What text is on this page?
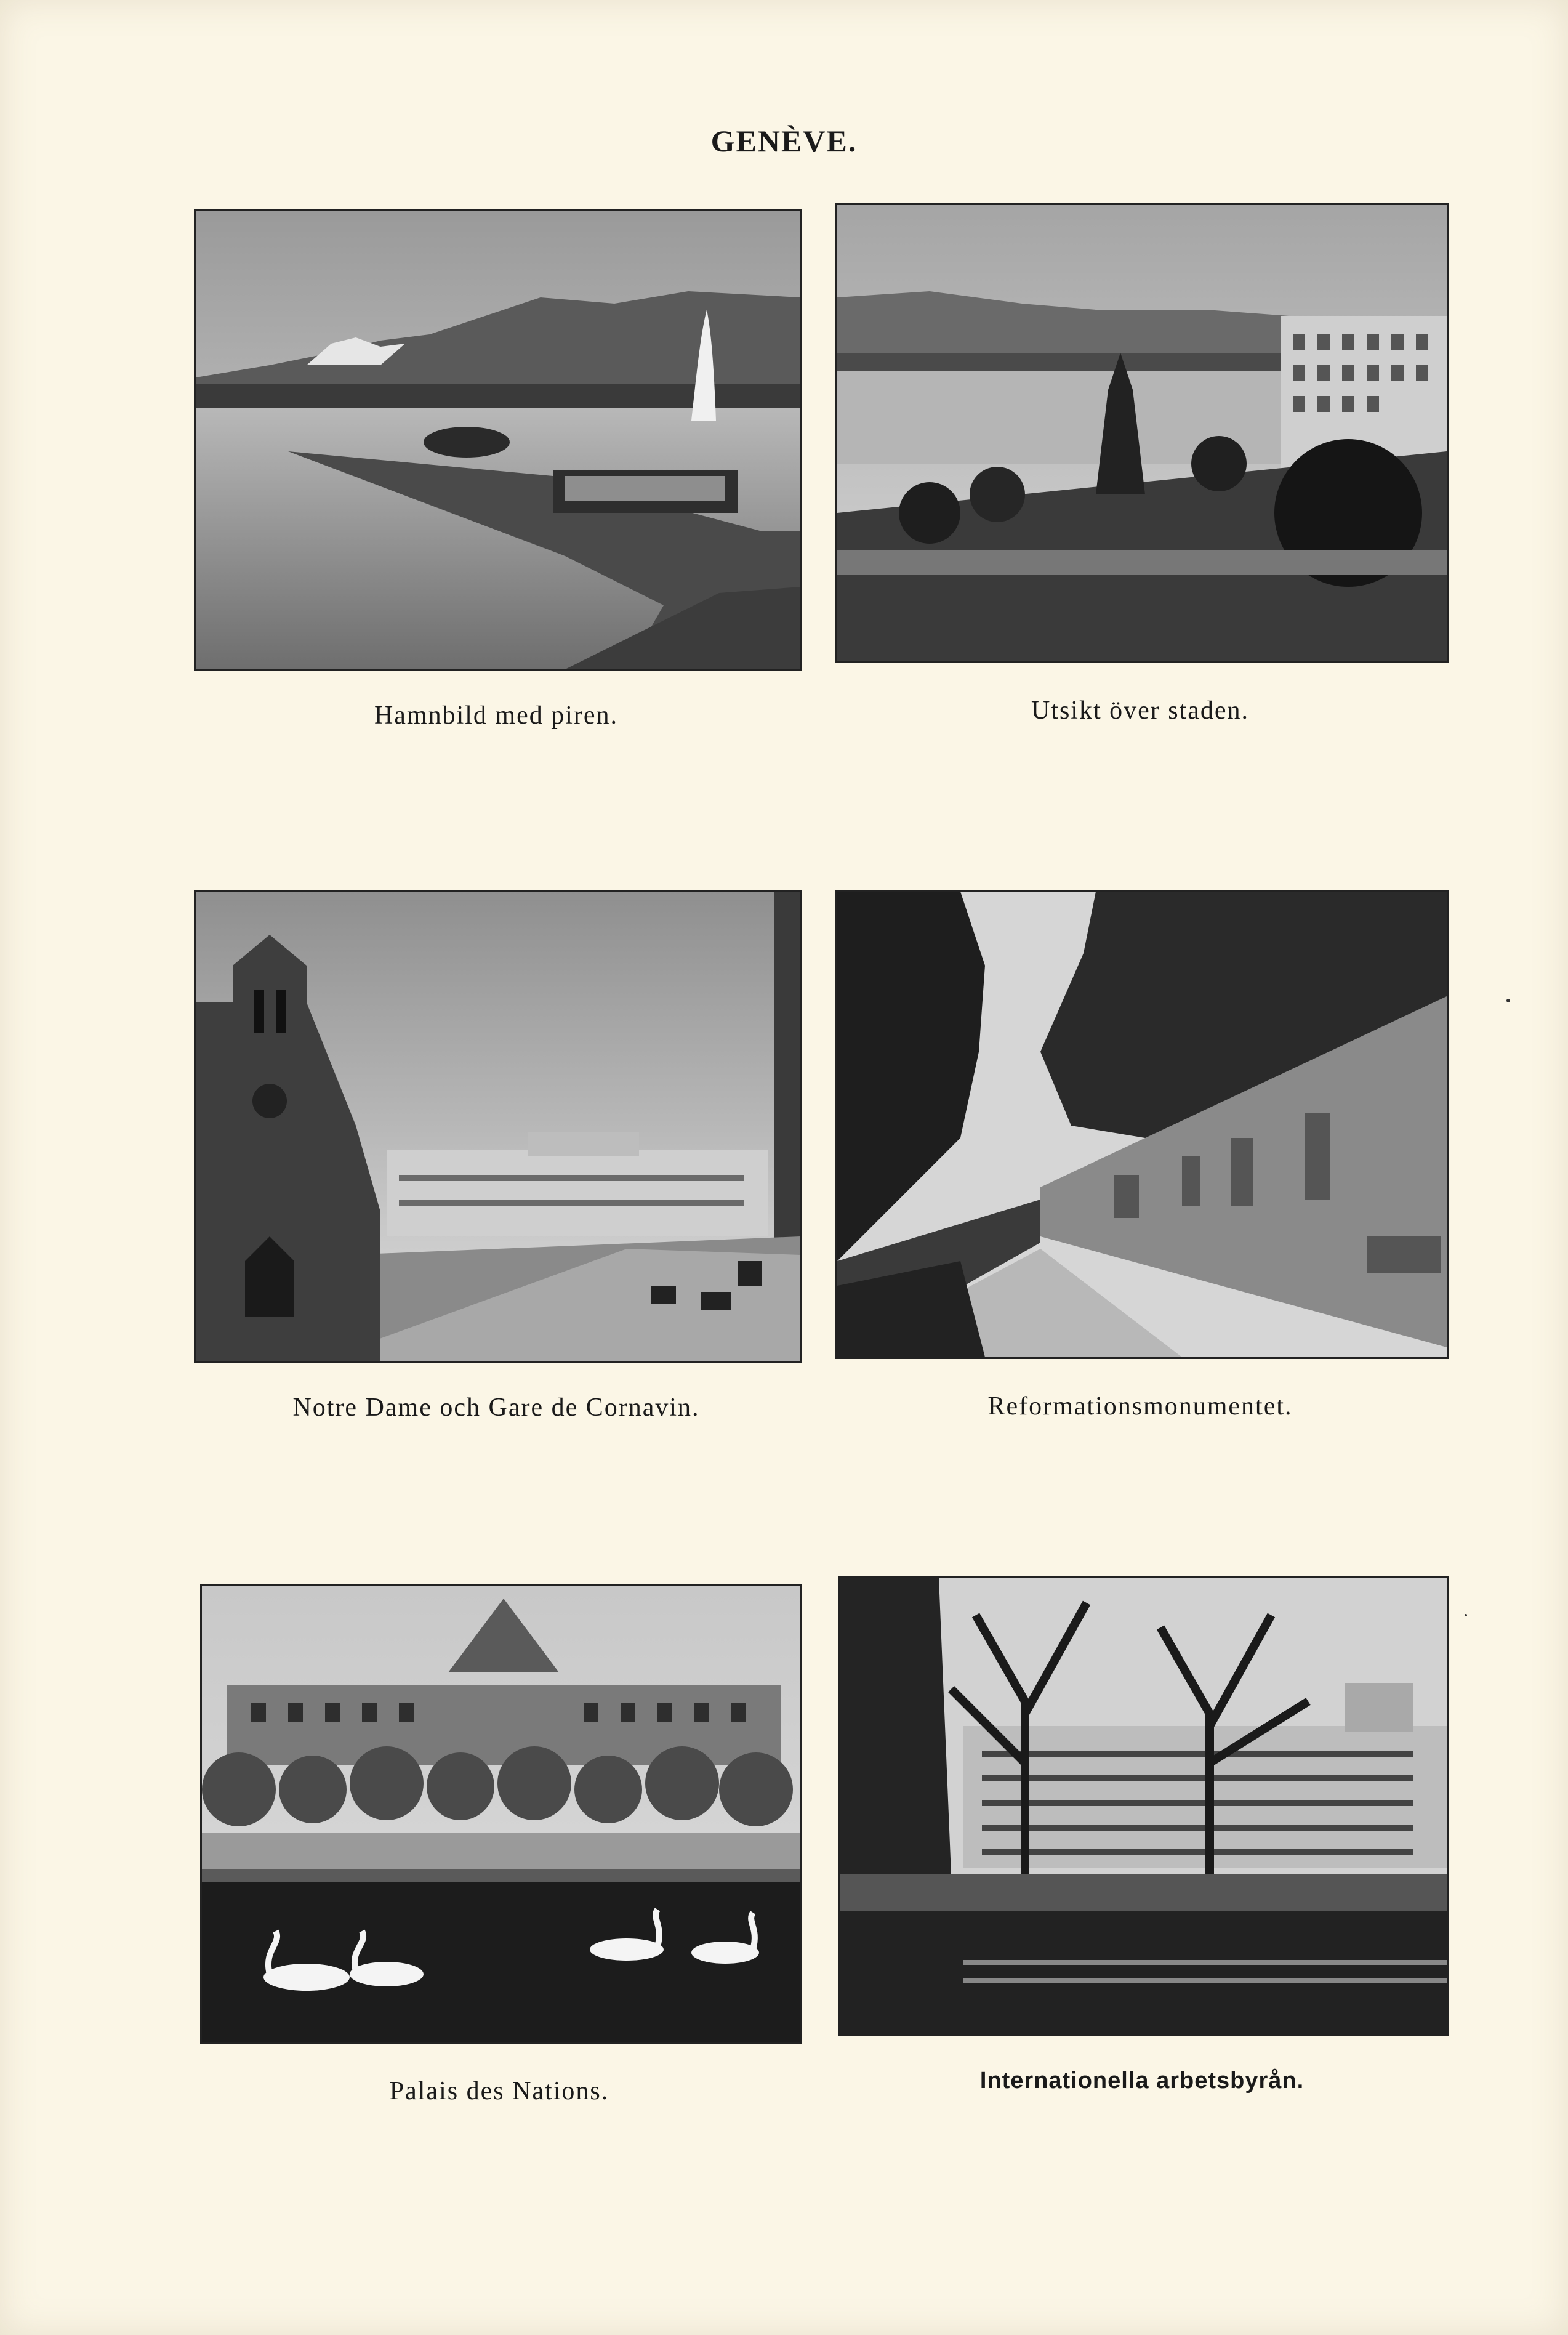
GENÈVE.
Hamnbild med piren.	Utsikt över staden.
Notre Dame och Gare de Cornavin.	Reformationsmonumentet.
Palais des Nations.	Internationella arbetsbyrån.
